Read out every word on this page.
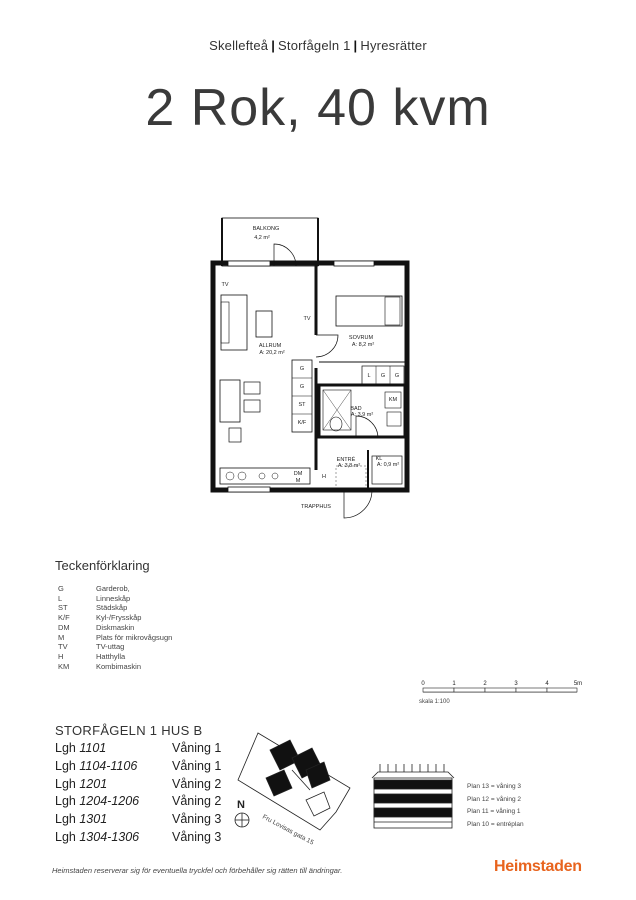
Skellefteå | Storfågeln 1 | Hyresrätter
2 Rok, 40 kvm
BALKONG
4,2 m²
ALLRUM
A: 20,2 m²
SOVRUM
A: 8,2 m²
BAD
A: 3,9 m²
ENTRÉ
A: 3,8 m²
KL
A: 0,9 m²
TRAPPHUS
TV
TV
G
G
ST
K/F
L G G
KM
DM
M
H
0	1	2	3	4	5m
N
Fru Lovisas gata 15
Teckenförklaring
G	Garderob,
L	Linneskåp
ST	Städskåp
K/F	Kyl-/Frysskåp
DM	Diskmaskin
M	Plats för mikrovågsugn
TV	TV-uttag
H	Hatthylla
KM	Kombimaskin
skala 1:100
STORFÅGELN 1 HUS B
Lgh 1101	Våning 1
Lgh 1104-1106	Våning 1
Lgh 1201	Våning 2
Lgh 1204-1206	Våning 2
Lgh 1301	Våning 3
Lgh 1304-1306	Våning 3
Plan 13 = våning 3
Plan 12 = våning 2
Plan 11 = våning 1
Plan 10 = entréplan
Heimstaden reserverar sig för eventuella tryckfel och förbehåller sig rätten till ändringar.	Heimstaden
